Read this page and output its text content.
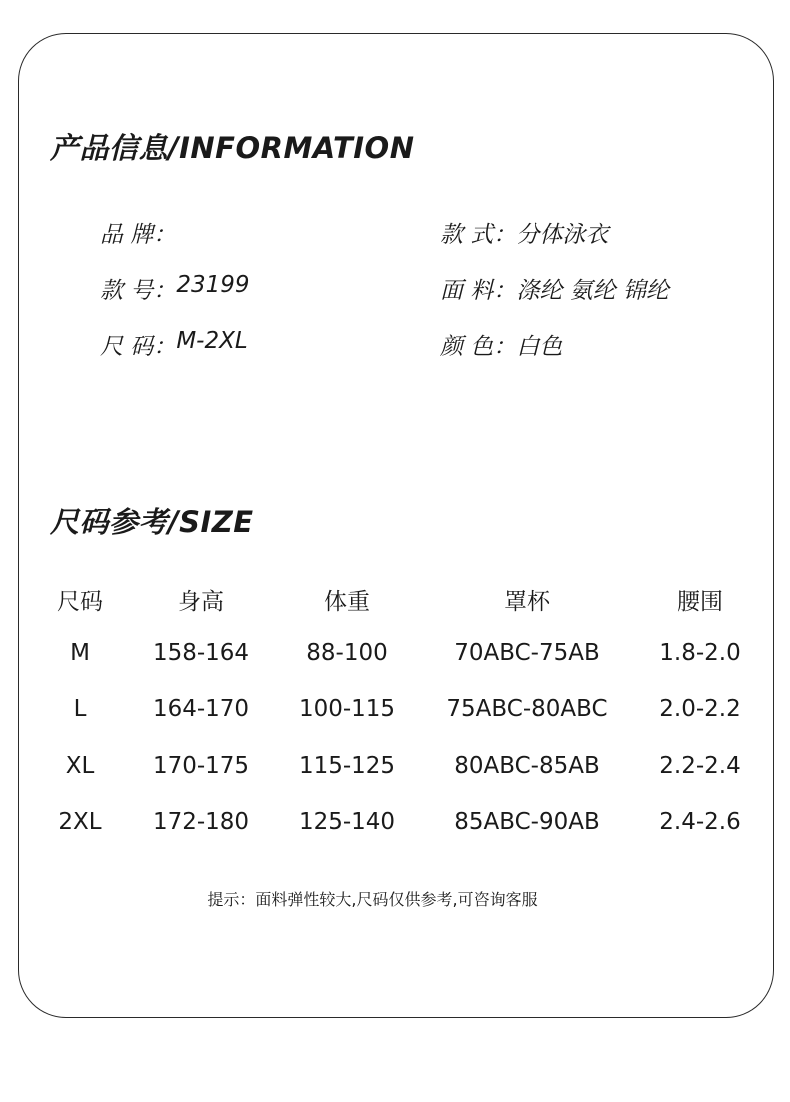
产品信息/INFORMATION
品 牌：	款 式： 分体泳衣
款 号： 23199	面 料： 涤纶 氨纶 锦纶
尺 码： M-2XL	颜 色： 白色
尺码参考/SIZE
尺码	身高	体重	罩杯	腰围
M	158-164 88-100	70ABC-75AB	1.8-2.0
L	164-170 100-115 75ABC-80ABC 2.0-2.2
XL	170-175 115-125	80ABC-85AB	2.2-2.4
2XL 172-180 125-140	85ABC-90AB	2.4-2.6
提示：面料弹性较大,尺码仅供参考,可咨询客服
